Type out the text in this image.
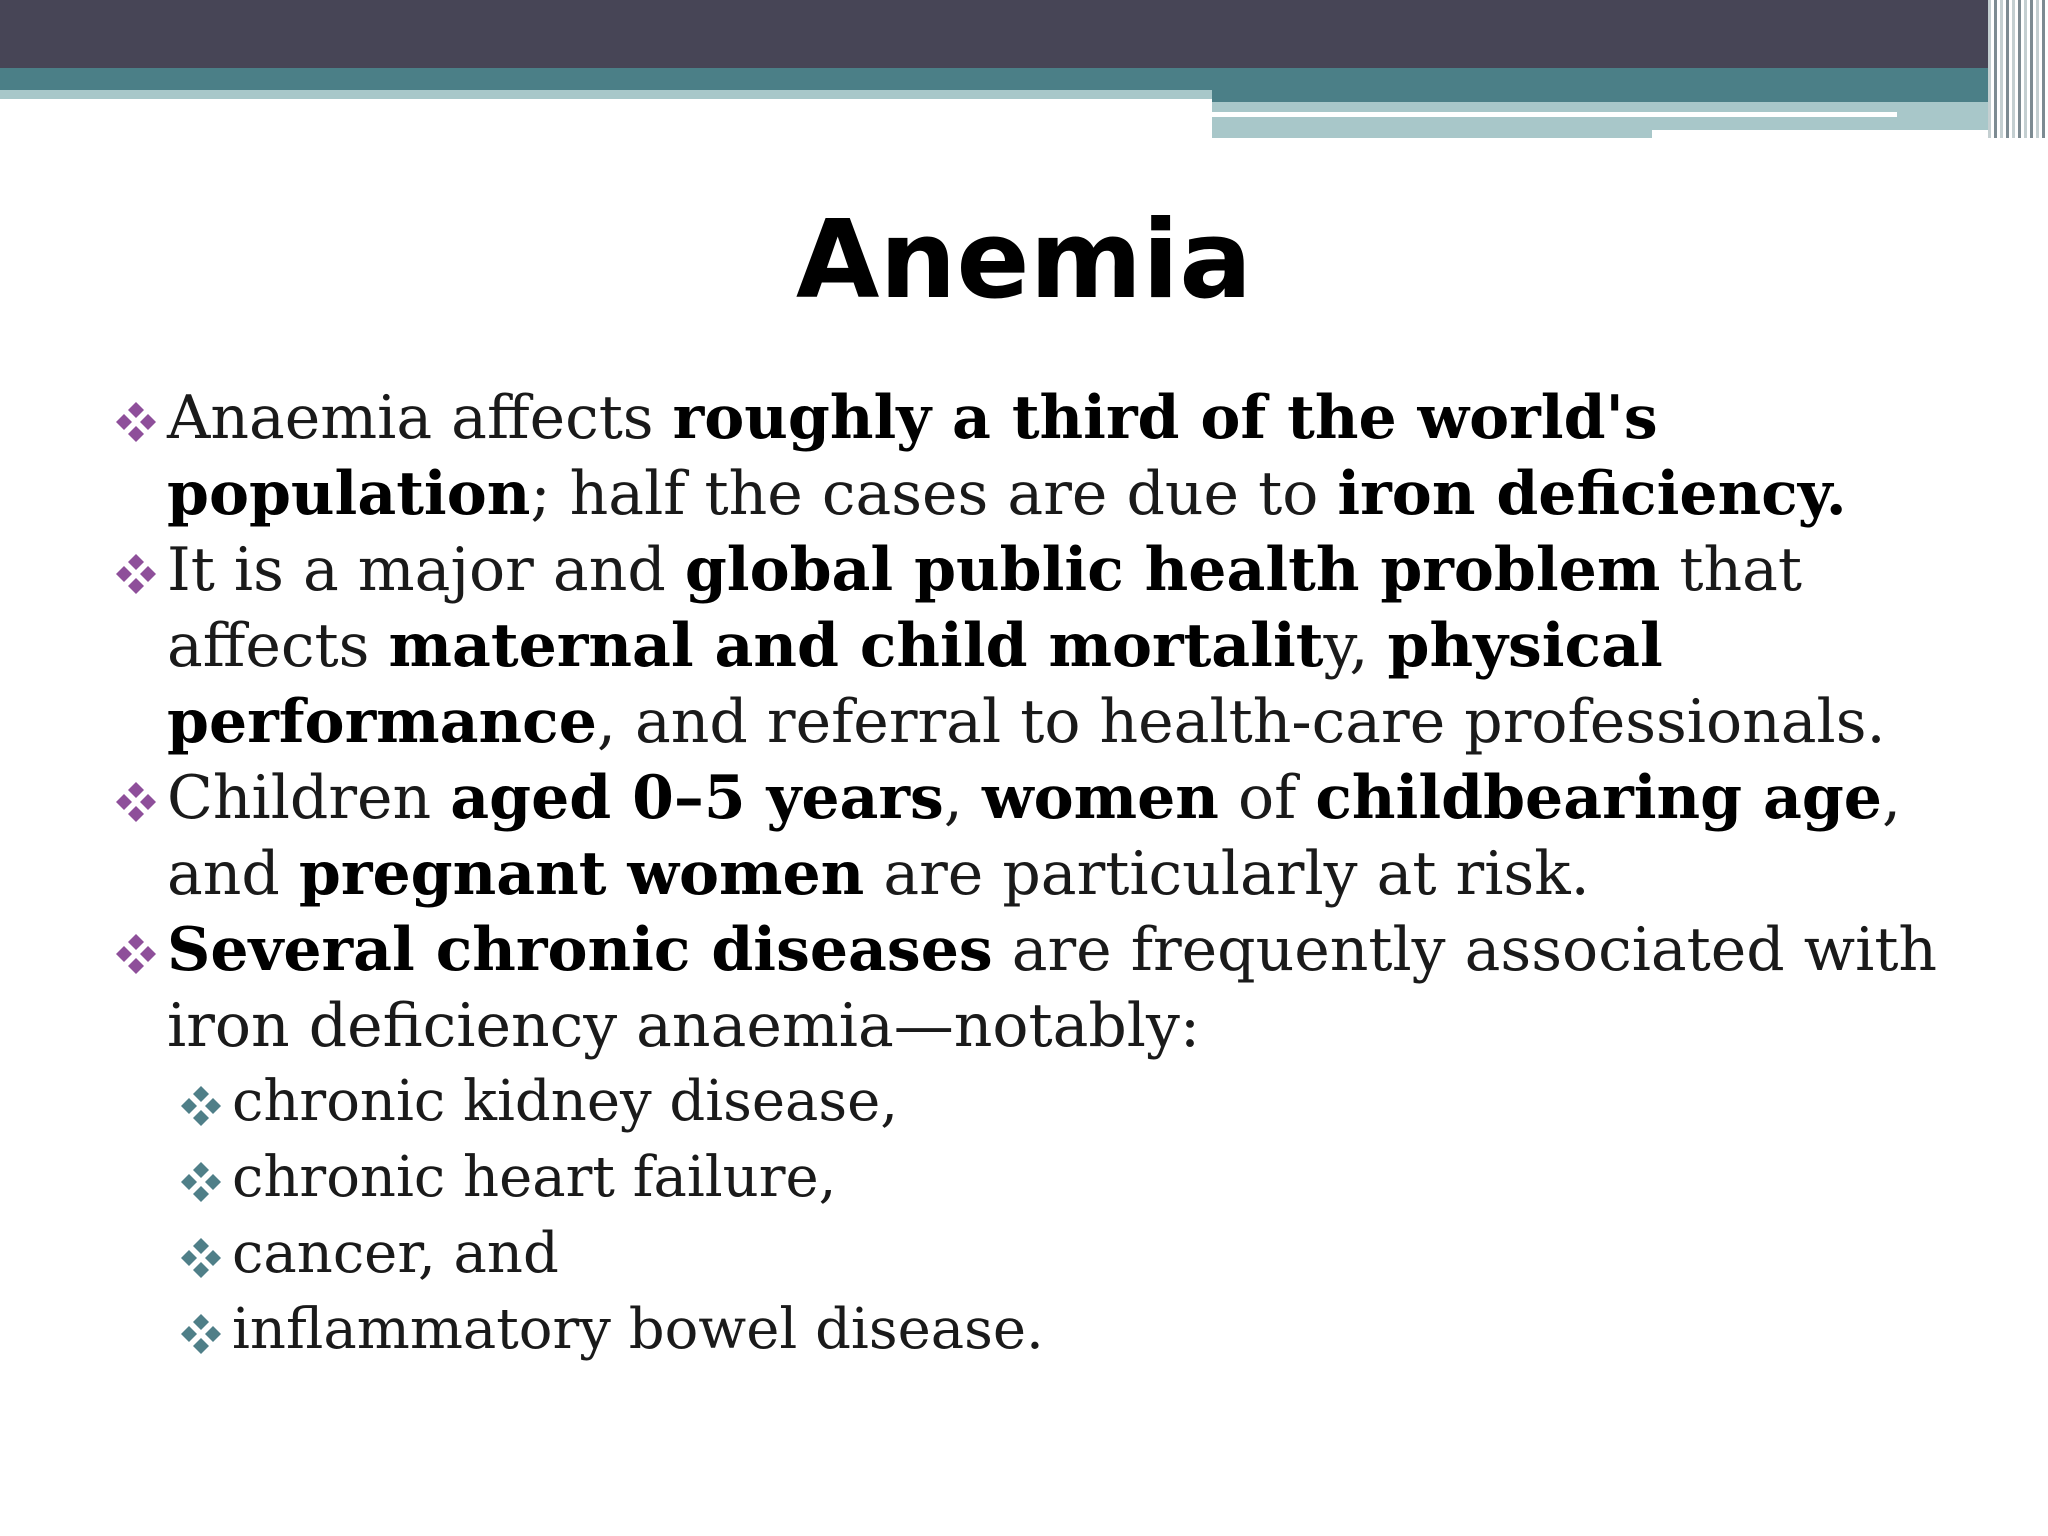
Anemia
Anaemia affects roughly a third of the world's population; half the cases are due to iron deficiency.
It is a major and global public health problem that affects maternal and child mortality, physical performance, and referral to health-care professionals.
Children aged 0–5 years, women of childbearing age, and pregnant women are particularly at risk.
Several chronic diseases are frequently associated with iron deficiency anaemia—notably:
chronic kidney disease,
chronic heart failure,
cancer, and
inflammatory bowel disease.
